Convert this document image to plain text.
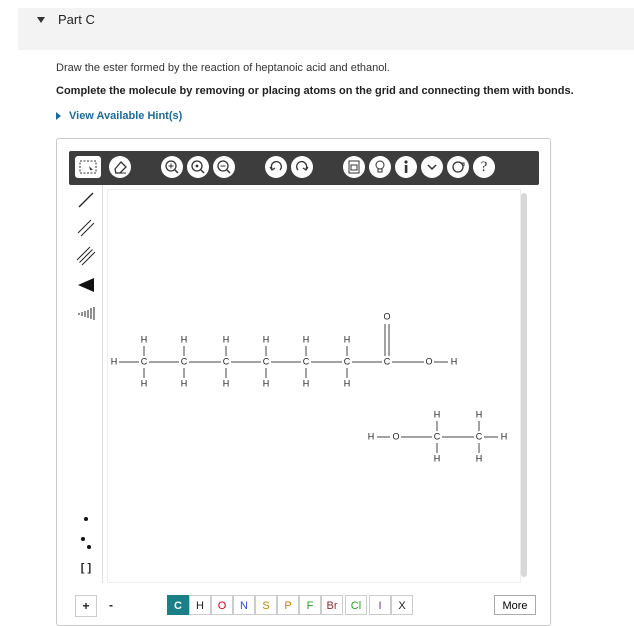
Part C
Draw the ester formed by the reaction of heptanoic acid and ethanol.
Complete the molecule by removing or placing atoms on the grid and connecting them with bonds.
View Available Hint(s)
?
[ ]
H	C	C	C	C	C	C	C	O H
O
H	H	H	H	H	H
H	H	H	H	H	H
H O	C	C H
H	H
H	H
+	-	C	H	O	N	S	P	F	Br	Cl	I	X	More
